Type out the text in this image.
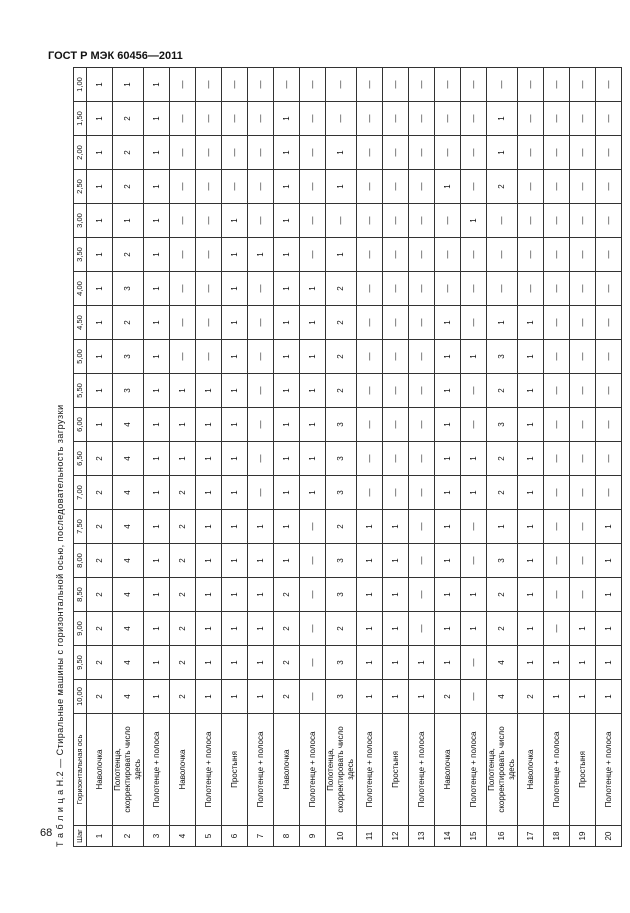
ГОСТ Р МЭК 60456—2011
Т а б л и ц а Н.2 — Стиральные машины с горизонтальной осью, последовательность загрузки	Шаг	Горизонтальная ось	10,00	9,50	9,00	8,50	8,00	7,50	7,00	6,50	6,00	5,50	5,00	4,50	4,00	3,50	3,00	2,50	2,00	1,50	1,00
1	Наволочка	2	2	2	2	2	2	2	2	1	1	1	1	1	1	1	1	1	1	1
2	Полотенца, скорректировать число здесь	4	4	4	4	4	4	4	4	4	3	3	2	3	2	1	2	2	2	1
3	Полотенце + полоса	1	1	1	1	1	1	1	1	1	1	1	1	1	1	1	1	1	1	1
4	Наволочка	2	2	2	2	2	2	2	1	1	1	—	—	—	—	—	—	—	—	—
5	Полотенце + полоса	1	1	1	1	1	1	1	1	1	1	—	—	—	—	—	—	—	—	—
6	Простыня	1	1	1	1	1	1	1	1	1	1	1	1	1	1	1	—	—	—	—
7	Полотенце + полоса	1	1	1	1	1	1	—	—	—	—	—	—	—	1	—	—	—	—	—
8	Наволочка	2	2	2	2	1	1	1	1	1	1	1	1	1	1	1	1	1	1	—
9	Полотенце + полоса	—	—	—	—	—	—	1	1	1	1	1	1	1	—	—	—	—	—	—
10	Полотенца, скорректировать число здесь	3	3	2	3	3	2	3	3	3	2	2	2	2	1	—	1	1	—	—
11	Полотенце + полоса	1	1	1	1	1	1	—	—	—	—	—	—	—	—	—	—	—	—	—
12	Простыня	1	1	1	1	1	1	—	—	—	—	—	—	—	—	—	—	—	—	—
13	Полотенце + полоса	1	1	—	—	—	—	—	—	—	—	—	—	—	—	—	—	—	—	—
14	Наволочка	2	1	1	1	1	1	1	1	1	1	1	1	—	—	—	1	—	—	—
15	Полотенце + полоса	—	—	1	1	—	—	1	1	—	—	1	—	—	—	1	—	—	—	—
16	Полотенца, скорректировать число здесь	4	4	2	2	3	1	2	2	3	2	3	1	—	—	—	2	1	1	—
17	Наволочка	2	1	1	1	1	1	1	1	1	1	1	1	—	—	—	—	—	—	—
18	Полотенце + полоса	1	1	—	—	—	—	—	—	—	—	—	—	—	—	—	—	—	—	—
19	Простыня	1	1	1	—	—	—	—	—	—	—	—	—	—	—	—	—	—	—	—
20	Полотенце + полоса	1	1	1	1	1	1	—	—	—	—	—	—	—	—	—	—	—	—	—
68
